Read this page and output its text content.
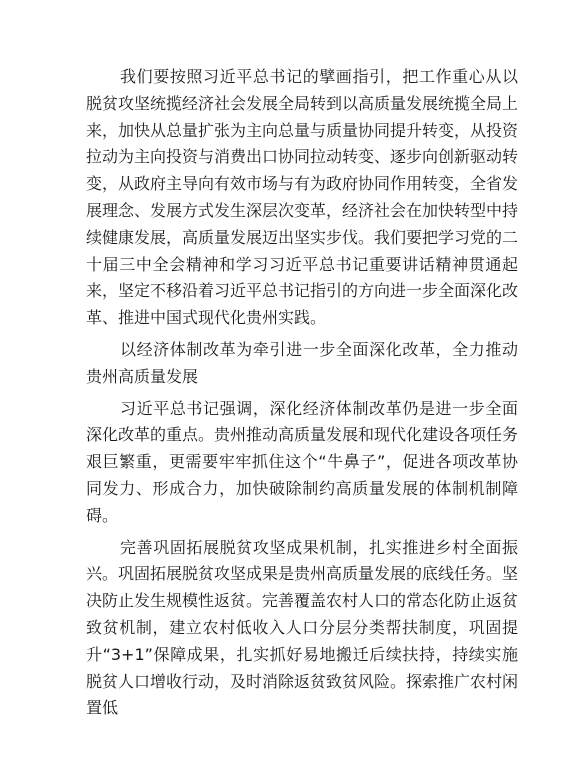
我们要按照习近平总书记的擘画指引，把工作重心从以脱贫攻坚统揽经济社会发展全局转到以高质量发展统揽全局上来，加快从总量扩张为主向总量与质量协同提升转变，从投资拉动为主向投资与消费出口协同拉动转变、逐步向创新驱动转变，从政府主导向有效市场与有为政府协同作用转变，全省发展理念、发展方式发生深层次变革，经济社会在加快转型中持续健康发展，高质量发展迈出坚实步伐。我们要把学习党的二十届三中全会精神和学习习近平总书记重要讲话精神贯通起来，坚定不移沿着习近平总书记指引的方向进一步全面深化改革、推进中国式现代化贵州实践。

以经济体制改革为牵引进一步全面深化改革，全力推动贵州高质量发展

习近平总书记强调，深化经济体制改革仍是进一步全面深化改革的重点。贵州推动高质量发展和现代化建设各项任务艰巨繁重，更需要牢牢抓住这个“牛鼻子”，促进各项改革协同发力、形成合力，加快破除制约高质量发展的体制机制障碍。

完善巩固拓展脱贫攻坚成果机制，扎实推进乡村全面振兴。巩固拓展脱贫攻坚成果是贵州高质量发展的底线任务。坚决防止发生规模性返贫。完善覆盖农村人口的常态化防止返贫致贫机制，建立农村低收入人口分层分类帮扶制度，巩固提升“3+1”保障成果，扎实抓好易地搬迁后续扶持，持续实施脱贫人口增收行动，及时消除返贫致贫风险。探索推广农村闲置低
